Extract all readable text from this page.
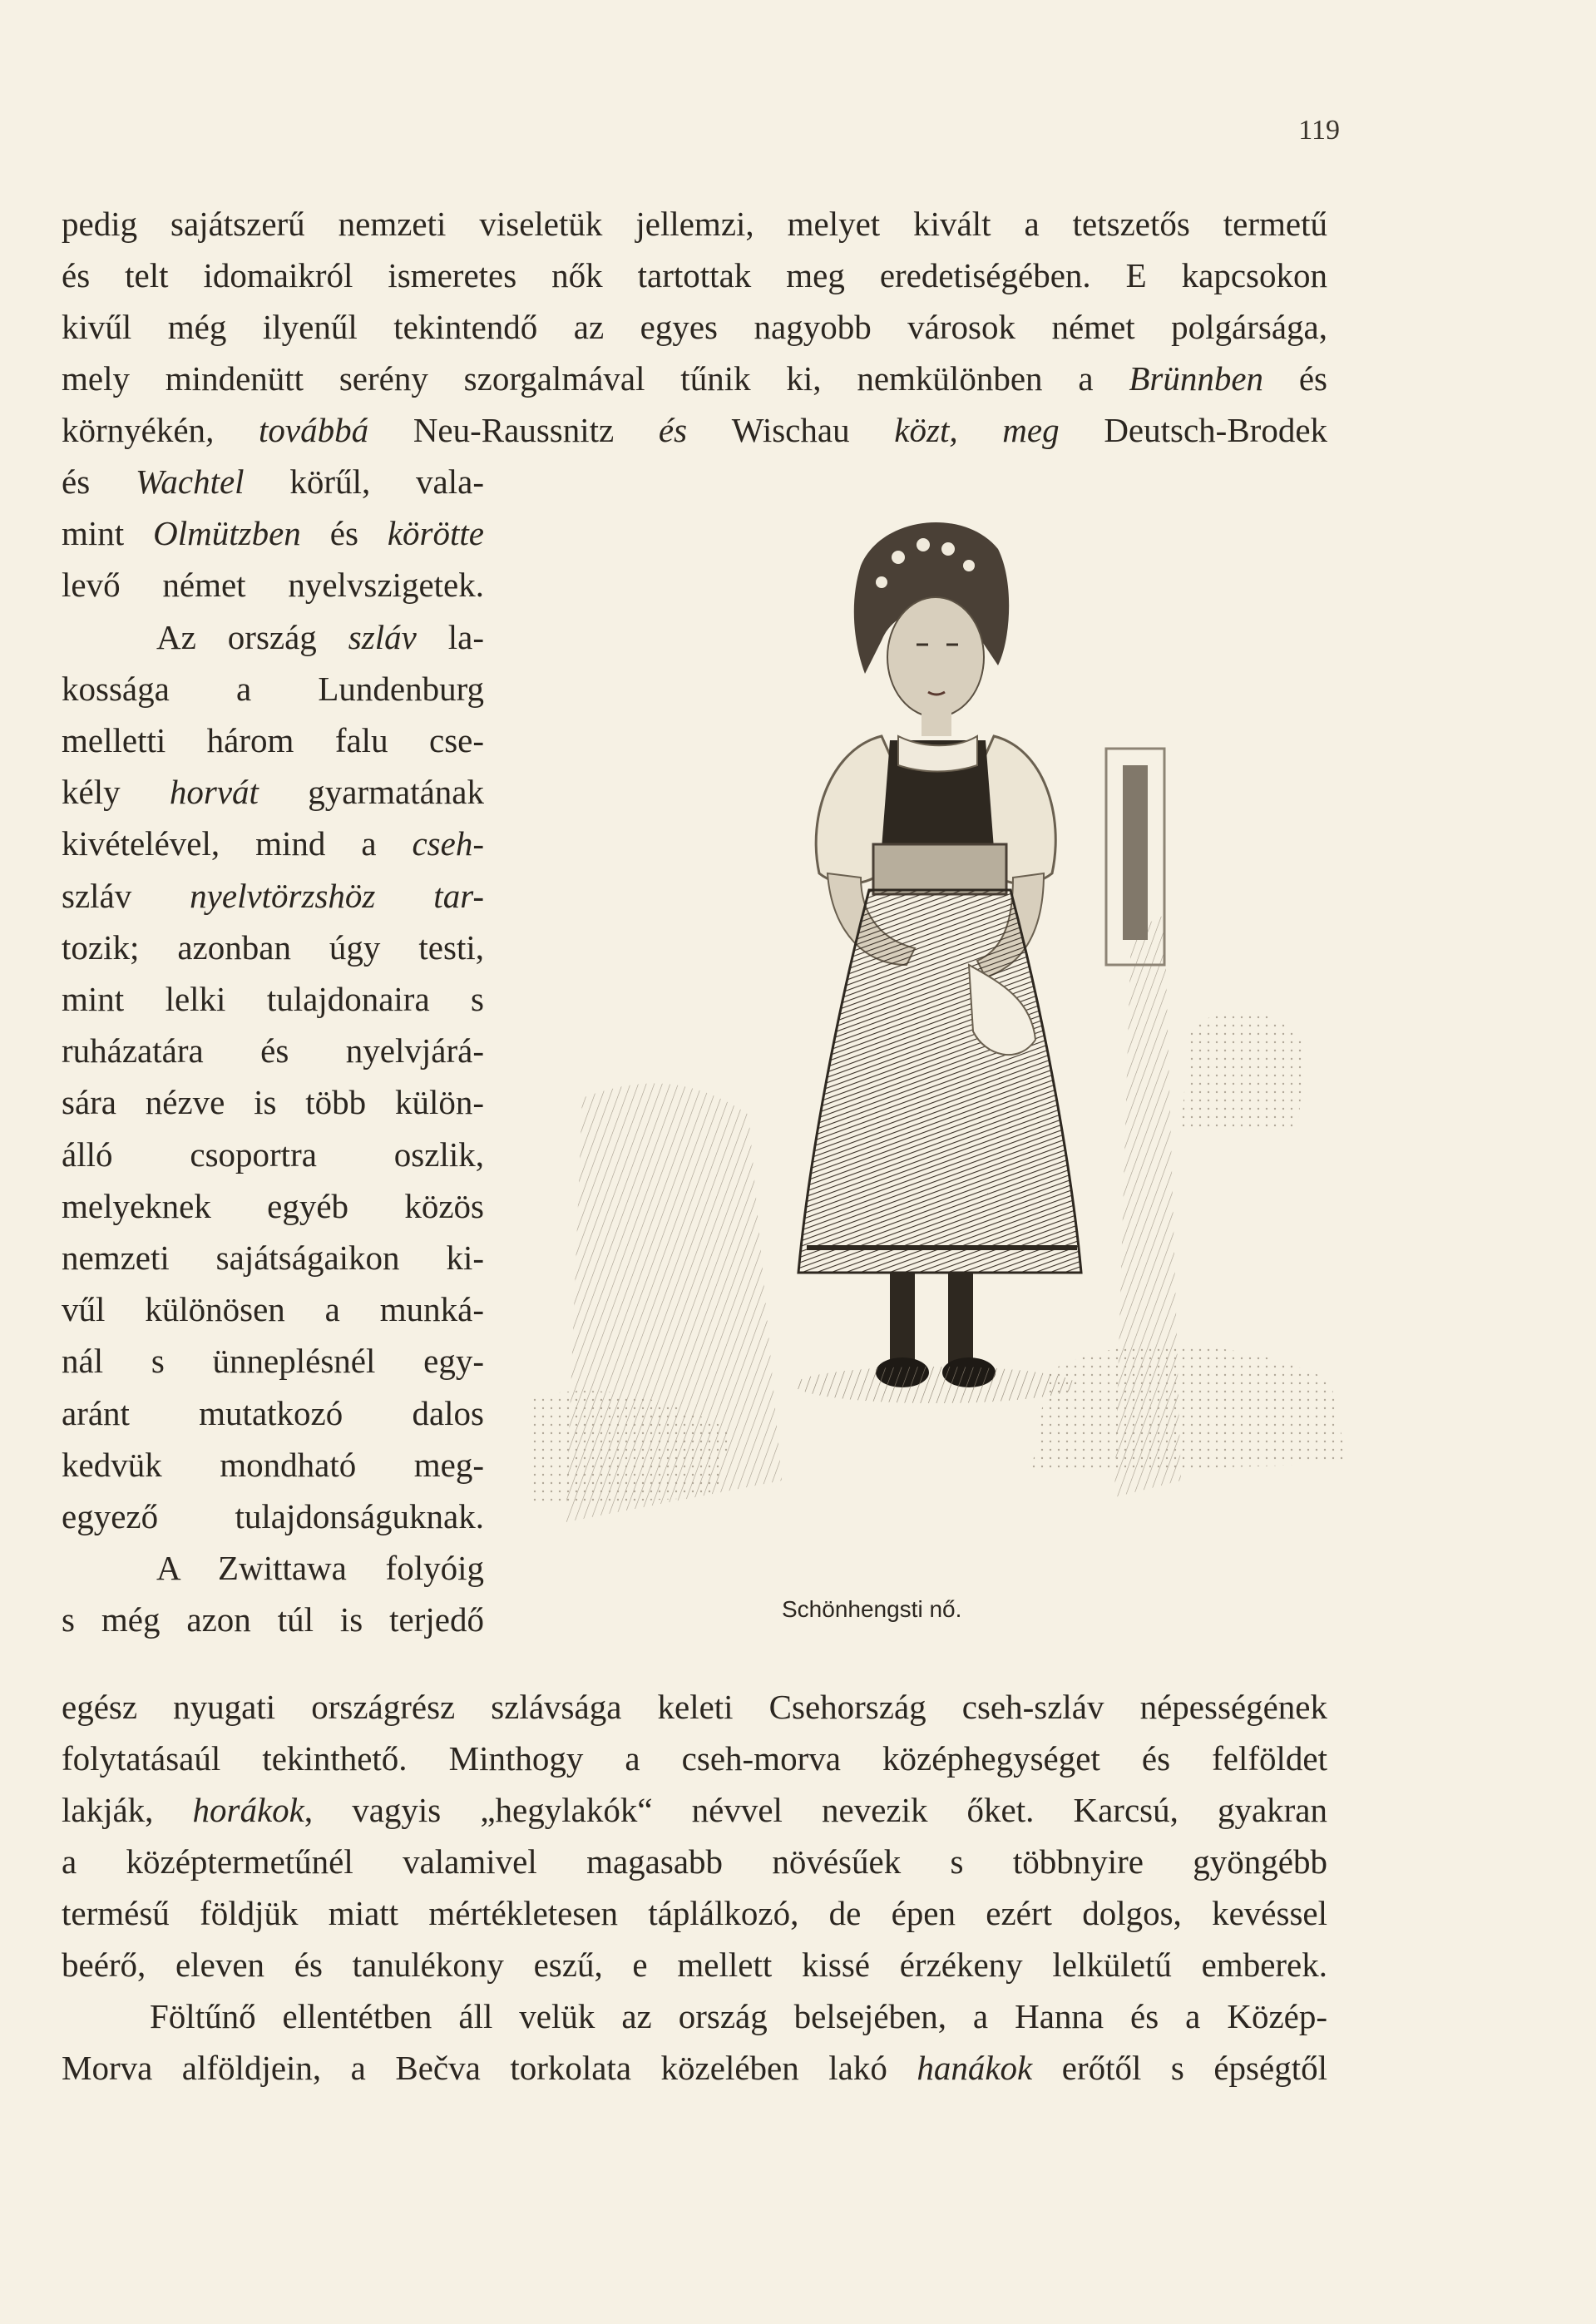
119
pedig sajátszerű nemzeti viseletük jellemzi, melyet kivált a tetszetős termetű
és telt idomaikról ismeretes nők tartottak meg eredetiségében. E kapcsokon
kivűl még ilyenűl tekintendő az egyes nagyobb városok német polgársága,
mely mindenütt serény szorgalmával tűnik ki, nemkülönben a Brünnben és
környékén, továbbá Neu-Raussnitz és Wischau közt, meg Deutsch-Brodek
és Wachtel körűl, vala-
mint Olmützben és körötte
levő német nyelvszigetek.
Az ország szláv la-
kossága a Lundenburg
melletti három falu cse-
kély horvát gyarmatának
kivételével, mind a cseh-
szláv nyelvtörzshöz tar-
tozik; azonban úgy testi,
mint lelki tulajdonaira s
ruházatára és nyelvjárá-
sára nézve is több külön-
álló csoportra oszlik,
melyeknek egyéb közös
nemzeti sajátságaikon ki-
vűl különösen a munká-
nál s ünneplésnél egy-
aránt mutatkozó dalos
kedvük mondható meg-
egyező tulajdonságuknak.
A Zwittawa folyóig
s még azon túl is terjedő	Schönhengsti nő.
egész nyugati országrész szlávsága keleti Csehország cseh-szláv népességének
folytatásaúl tekinthető. Minthogy a cseh-morva középhegységet és felföldet
lakják, horákok, vagyis „hegylakók“ névvel nevezik őket. Karcsú, gyakran
a középtermetűnél valamivel magasabb növésűek s többnyire gyöngébb
termésű földjük miatt mértékletesen táplálkozó, de épen ezért dolgos, kevéssel
beérő, eleven és tanulékony eszű, e mellett kissé érzékeny lelkületű emberek.
Föltűnő ellentétben áll velük az ország belsejében, a Hanna és a Közép-
Morva alföldjein, a Bečva torkolata közelében lakó hanákok erőtől s épségtől
